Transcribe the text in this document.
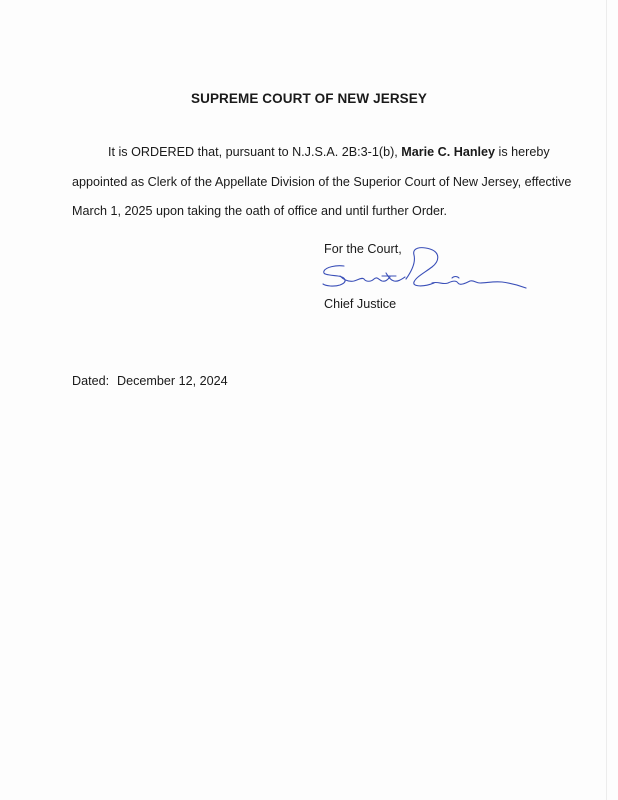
SUPREME COURT OF NEW JERSEY
It is ORDERED that, pursuant to N.J.S.A. 2B:3-1(b), Marie C. Hanley is hereby
appointed as Clerk of the Appellate Division of the Superior Court of New Jersey, effective
March 1, 2025 upon taking the oath of office and until further Order.
For the Court,
Chief Justice
Dated: December 12, 2024
